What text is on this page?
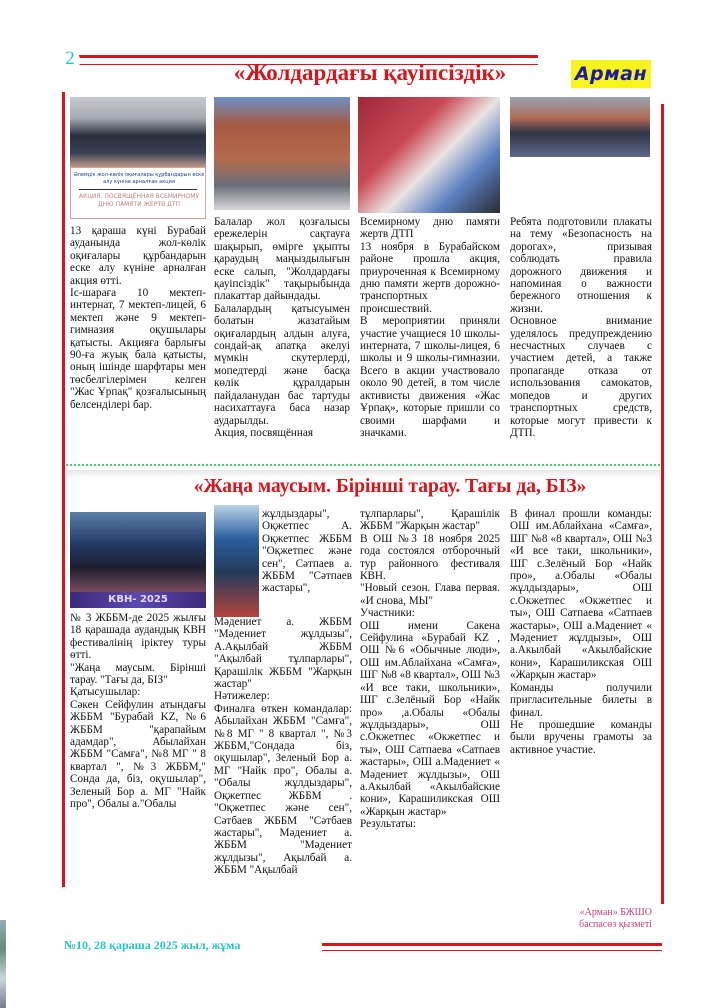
2
«Жолдардағы қауіпсіздік»	Арман
Әлемдік жол-көлік оқиғалары құрбандарын еске алу күніне арналған акция
АКЦИЯ, ПОСВЯЩЁННАЯ ВСЕМИРНОМУ ДНЮ ПАМЯТИ ЖЕРТВ ДТП

13 қараша күні Бурабай ауданында жол-көлік оқиғалары құрбандарын еске алу күніне арналған акция өтті.

Іс-шараға 10 мектеп-интернат, 7 мектеп-лицей, 6 мектеп және 9 мектеп-гимназия оқушылары қатысты. Акцияға барлығы 90-ға жуық бала қатысты, оның ішінде шарфтары мен төсбелгілерімен келген "Жас Ұрпақ" қозғалысының белсенділері бар.

Балалар жол қозғалысы ережелерін сақтауға шақырып, өмірге ұқыпты қараудың маңыздылығын еске салып, "Жолдардағы қауіпсіздік" тақырыбында плакаттар дайындады.

Балалардың қатысуымен болатын жазатайым оқиғалардың алдын алуға, сондай-ақ апатқа әкелуі мүмкін скутерлерді, мопедтерді және басқа көлік құралдарын пайдаланудан бас тартуды насихаттауға баса назар аударылды.

Акция, посвящённая

Всемирному дню памяти жертв ДТП

13 ноября в Бурабайском районе прошла акция, приуроченная к Всемирному дню памяти жертв дорожно-транспортных происшествий.

В мероприятии приняли участие учащиеся 10 школы-интерната, 7 школы-лицея, 6 школы и 9 школы-гимназии. Всего в акции участвовало около 90 детей, в том числе активисты движения «Жас Ұрпақ», которые пришли со своими шарфами и значками.

Ребята подготовили плакаты на тему «Безопасность на дорогах», призывая соблюдать правила дорожного движения и напоминая о важности бережного отношения к жизни.

Основное внимание уделялось предупреждению несчастных случаев с участием детей, а также пропаганде отказа от использования самокатов, мопедов и других транспортных средств, которые могут привести к ДТП.

«Жаңа маусым. Бірінші тарау. Тағы да, БІЗ»
КВН- 2025

№ 3 ЖББМ-де 2025 жылғы 18 қарашада аудандық КВН фестивалінің іріктеу туры өтті.

"Жаңа маусым. Бірінші тарау. "Тағы да, БІЗ"

Қатысушылар:

Сәкен Сейфулин атындағы ЖББМ "Бурабай KZ, №6 ЖББМ "қарапайым адамдар", Абылайхан ЖББМ "Самға", №8 МГ " 8 квартал ", №3 ЖББМ," Сонда да, біз, оқушылар", Зеленый Бор а. МГ "Найк про", Обалы а."Обалы

жұлдыздары", Оқжетпес А. Оқжетпес ЖББМ "Оқжетпес және сен", Сәтпаев а. ЖББМ "Сәтпаев жастары",

Мәдениет а. ЖББМ "Мәдениет жұлдызы", А.Ақылбай ЖББМ "Ақылбай тұлпарлары", Қарашілік ЖББМ "Жарқын жастар"

Нәтижелер:

Финалға өткен командалар: Абылайхан ЖББМ "Самға", №8 МГ " 8 квартал ", №3 ЖББМ,"Сондада біз, оқушылар", Зеленый Бор а. МГ "Найк про", Обалы а. "Обалы жұлдыздары", Оқжетпес ЖББМ . "Оқжетпес және сен", Сәтбаев ЖББМ "Сәтбаев жастары", Мәдениет а. ЖББМ "Мәдениет жұлдызы", Ақылбай а. ЖББМ "Ақылбай

тұлпарлары", Қарашілік ЖББМ "Жарқын жастар"

В ОШ №3 18 ноября 2025 года состоялся отборочный тур районного фестиваля КВН.

"Новый сезон. Глава первая. «И снова, МЫ"

Участники:

ОШ имени Сакена Сейфулина «Бурабай KZ , ОШ №6 «Обычные люди», ОШ им.Аблайхана «Самға», ШГ №8 «8 квартал», ОШ №3 «И все таки, школьники», ШГ с.Зелёный Бор «Найк про» ,а.Обалы «Обалы жұлдыздары», ОШ с.Окжетпес «Окжетпес и ты», ОШ Сатпаева «Сатпаев жастары», ОШ а.Мадениет « Мәдениет жұлдызы», ОШ а.Акылбай «Акылбайские кони», Карашиликская ОШ «Жарқын жастар»

Результаты:

В финал прошли команды: ОШ им.Аблайхана «Самға», ШГ №8 «8 квартал», ОШ №3 «И все таки, школьники», ШГ с.Зелёный Бор «Найк про», а.Обалы «Обалы жұлдыздары», ОШ с.Окжетпес «Окжетпес и ты», ОШ Сатпаева «Сатпаев жастары», ОШ а.Мадениет « Мәдениет жұлдызы», ОШ а.Акылбай «Акылбайские кони», Карашиликская ОШ «Жарқын жастар»

Команды получили пригласительные билеты в финал.

Не прошедшие команды были вручены грамоты за активное участие.

«Арман» БЖШО
баспасөз қызметі
№10, 28 қараша 2025 жыл, жұма
